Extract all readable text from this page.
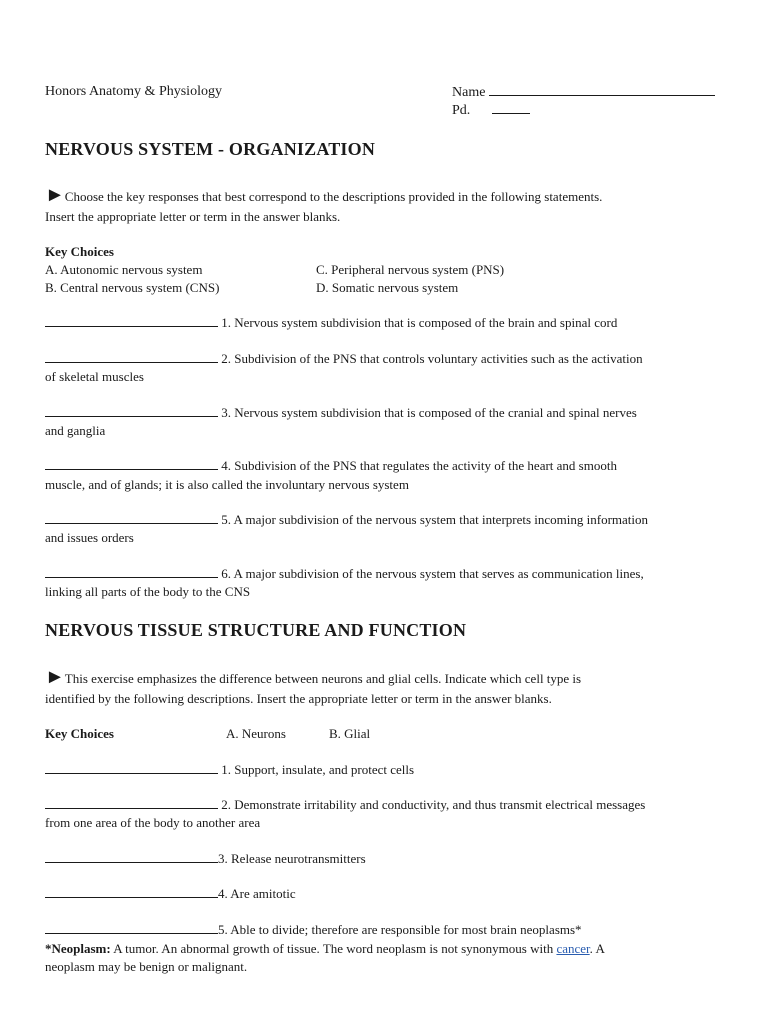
Honors Anatomy & Physiology	Name
Pd.
NERVOUS SYSTEM - ORGANIZATION
►Choose the key responses that best correspond to the descriptions provided in the following statements.
Insert the appropriate letter or term in the answer blanks.
Key Choices
A. Autonomic nervous system
B. Central nervous system (CNS)
C. Peripheral nervous system (PNS)
D. Somatic nervous system
1. Nervous system subdivision that is composed of the brain and spinal cord
2. Subdivision of the PNS that controls voluntary activities such as the activation
of skeletal muscles
3. Nervous system subdivision that is composed of the cranial and spinal nerves
and ganglia
4. Subdivision of the PNS that regulates the activity of the heart and smooth
muscle, and of glands; it is also called the involuntary nervous system
5. A major subdivision of the nervous system that interprets incoming information
and issues orders
6. A major subdivision of the nervous system that serves as communication lines,
linking all parts of the body to the CNS
NERVOUS TISSUE STRUCTURE AND FUNCTION
►This exercise emphasizes the difference between neurons and glial cells. Indicate which cell type is
identified by the following descriptions. Insert the appropriate letter or term in the answer blanks.
Key Choices	A. Neurons	B. Glial
1. Support, insulate, and protect cells
2. Demonstrate irritability and conductivity, and thus transmit electrical messages
from one area of the body to another area
3. Release neurotransmitters
4. Are amitotic
5. Able to divide; therefore are responsible for most brain neoplasms*
*Neoplasm: A tumor. An abnormal growth of tissue. The word neoplasm is not synonymous with cancer. A
neoplasm may be benign or malignant.
